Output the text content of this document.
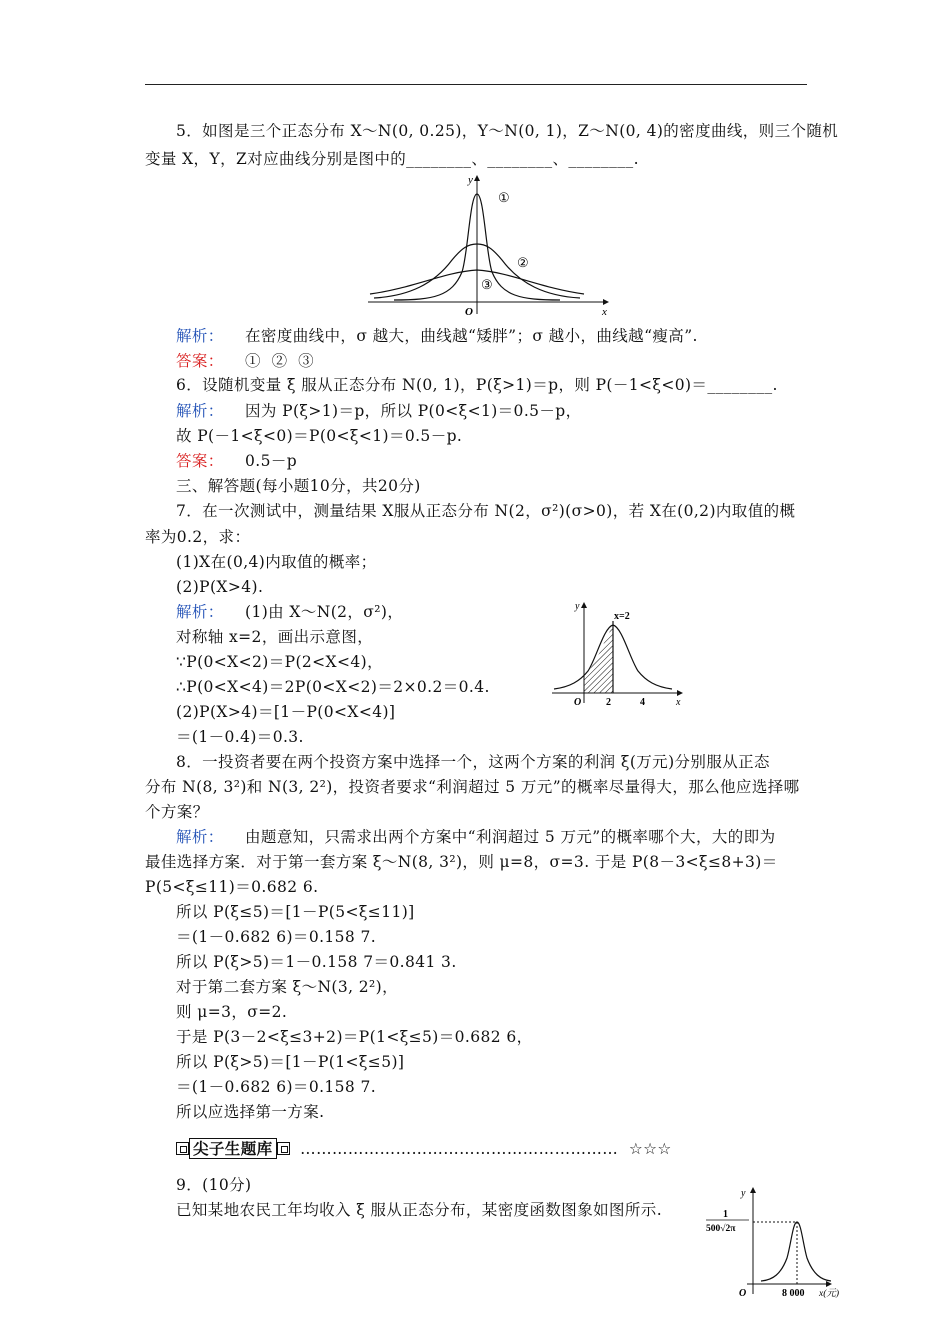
5．如图是三个正态分布 X～N(0, 0.25)，Y～N(0, 1)，Z～N(0, 4)的密度曲线，则三个随机
变量 X，Y，Z对应曲线分别是图中的________、________、________.
y
x
O
①
②
③
解析： 在密度曲线中，σ 越大，曲线越“矮胖”；σ 越小，曲线越“瘦高”.
答案： ①  ②  ③
6．设随机变量 ξ 服从正态分布 N(0, 1)，P(ξ>1)＝p，则 P(－1<ξ<0)＝________.
解析： 因为 P(ξ>1)＝p，所以 P(0<ξ<1)＝0.5－p，
故 P(－1<ξ<0)＝P(0<ξ<1)＝0.5－p.
答案： 0.5－p
三、解答题(每小题10分，共20分)
7．在一次测试中，测量结果 X服从正态分布 N(2，σ²)(σ>0)，若 X在(0,2)内取值的概
率为0.2，求：
(1)X在(0,4)内取值的概率；
(2)P(X>4).
解析： (1)由 X～N(2，σ²)，
对称轴 x=2，画出示意图，
∵P(0<X<2)＝P(2<X<4)，
∴P(0<X<4)＝2P(0<X<2)＝2×0.2＝0.4.
(2)P(X>4)＝[1－P(0<X<4)]
＝(1－0.4)＝0.3.
y
x
O 2	4
x=2
8．一投资者要在两个投资方案中选择一个，这两个方案的利润 ξ(万元)分别服从正态
分布 N(8, 3²)和 N(3, 2²)，投资者要求“利润超过 5 万元”的概率尽量得大，那么他应选择哪
个方案？
解析： 由题意知，只需求出两个方案中“利润超过 5 万元”的概率哪个大，大的即为
最佳选择方案．对于第一套方案 ξ～N(8, 3²)，则 μ=8，σ=3. 于是 P(8－3<ξ≤8+3)＝
P(5<ξ≤11)＝0.682 6.
所以 P(ξ≤5)＝[1－P(5<ξ≤11)]
＝(1－0.682 6)＝0.158 7.
所以 P(ξ>5)＝1－0.158 7＝0.841 3.
对于第二套方案 ξ～N(3, 2²)，
则 μ=3，σ=2.
于是 P(3－2<ξ≤3+2)＝P(1<ξ≤5)＝0.682 6，
所以 P(ξ>5)＝[1－P(1<ξ≤5)]
＝(1－0.682 6)＝0.158 7.
所以应选择第一方案.
尖子生题库 …………………………………………………… ☆☆☆
9．(10分)
已知某地农民工年均收入 ξ 服从正态分布，某密度函数图象如图所示.
y
O
1
500√2π
8 000 x(元)
